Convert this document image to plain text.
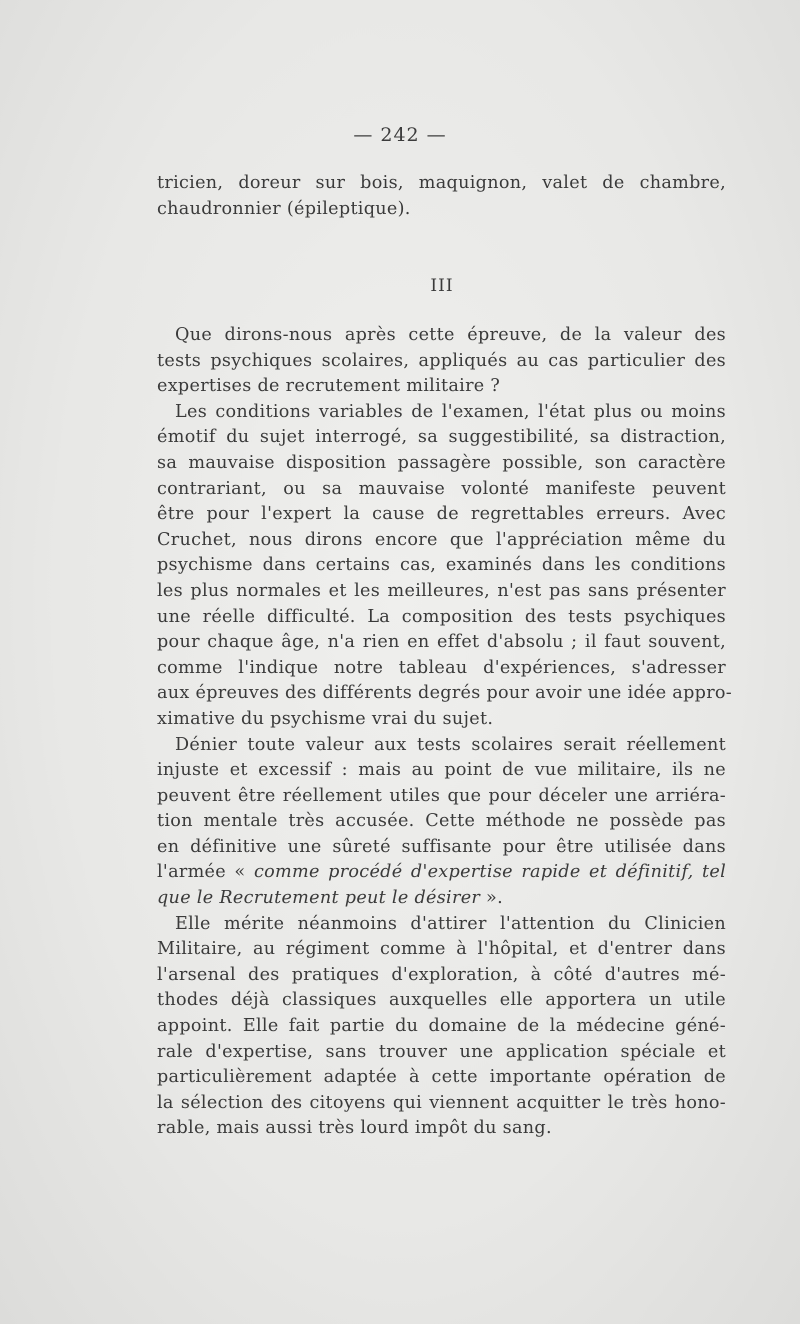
— 242 —
tricien, doreur sur bois, maquignon, valet de chambre,
chaudronnier (épileptique).
III
Que dirons-nous après cette épreuve, de la valeur des
tests psychiques scolaires, appliqués au cas particulier des
expertises de recrutement militaire ?
Les conditions variables de l'examen, l'état plus ou moins
émotif du sujet interrogé, sa suggestibilité, sa distraction,
sa mauvaise disposition passagère possible, son caractère
contrariant, ou sa mauvaise volonté manifeste peuvent
être pour l'expert la cause de regrettables erreurs. Avec
Cruchet, nous dirons encore que l'appréciation même du
psychisme dans certains cas, examinés dans les conditions
les plus normales et les meilleures, n'est pas sans présenter
une réelle difficulté. La composition des tests psychiques
pour chaque âge, n'a rien en effet d'absolu ; il faut souvent,
comme l'indique notre tableau d'expériences, s'adresser
aux épreuves des différents degrés pour avoir une idée appro-
ximative du psychisme vrai du sujet.
Dénier toute valeur aux tests scolaires serait réellement
injuste et excessif : mais au point de vue militaire, ils ne
peuvent être réellement utiles que pour déceler une arriéra-
tion mentale très accusée. Cette méthode ne possède pas
en définitive une sûreté suffisante pour être utilisée dans
l'armée « comme procédé d'expertise rapide et définitif, tel
que le Recrutement peut le désirer ».
Elle mérite néanmoins d'attirer l'attention du Clinicien
Militaire, au régiment comme à l'hôpital, et d'entrer dans
l'arsenal des pratiques d'exploration, à côté d'autres mé-
thodes déjà classiques auxquelles elle apportera un utile
appoint. Elle fait partie du domaine de la médecine géné-
rale d'expertise, sans trouver une application spéciale et
particulièrement adaptée à cette importante opération de
la sélection des citoyens qui viennent acquitter le très hono-
rable, mais aussi très lourd impôt du sang.
